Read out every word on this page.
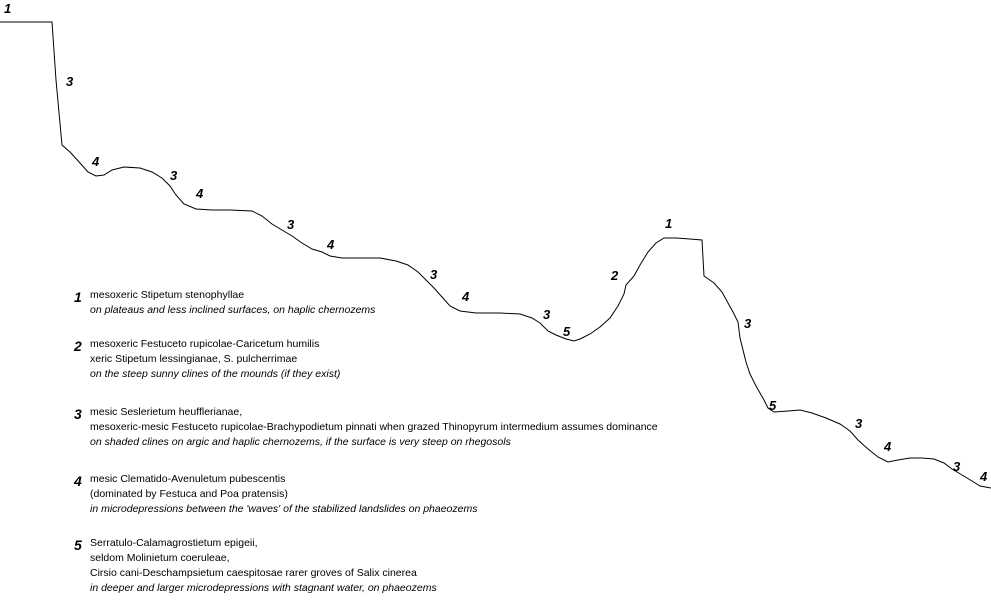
1
3
4
3
4
3
4
3
4
3
5
2
1
3
5
3
4
3
4
1 mesoxeric Stipetum stenophyllae
on plateaus and less inclined surfaces, on haplic chernozems
2 mesoxeric Festuceto rupicolae-Caricetum humilis
xeric Stipetum lessingianae, S. pulcherrimae
on the steep sunny clines of the mounds (if they exist)
3 mesic Seslerietum heufflerianae,
mesoxeric-mesic Festuceto rupicolae-Brachypodietum pinnati when grazed Thinopyrum intermedium assumes dominance
on shaded clines on argic and haplic chernozems, if the surface is very steep on rhegosols
4 mesic Clematido-Avenuletum pubescentis
(dominated by Festuca and Poa pratensis)
in microdepressions between the 'waves' of the stabilized landslides on phaeozems
5 Serratulo-Calamagrostietum epigeii,
seldom Molinietum coeruleae,
Cirsio cani-Deschampsietum caespitosae rarer groves of Salix cinerea
in deeper and larger microdepressions with stagnant water, on phaeozems
